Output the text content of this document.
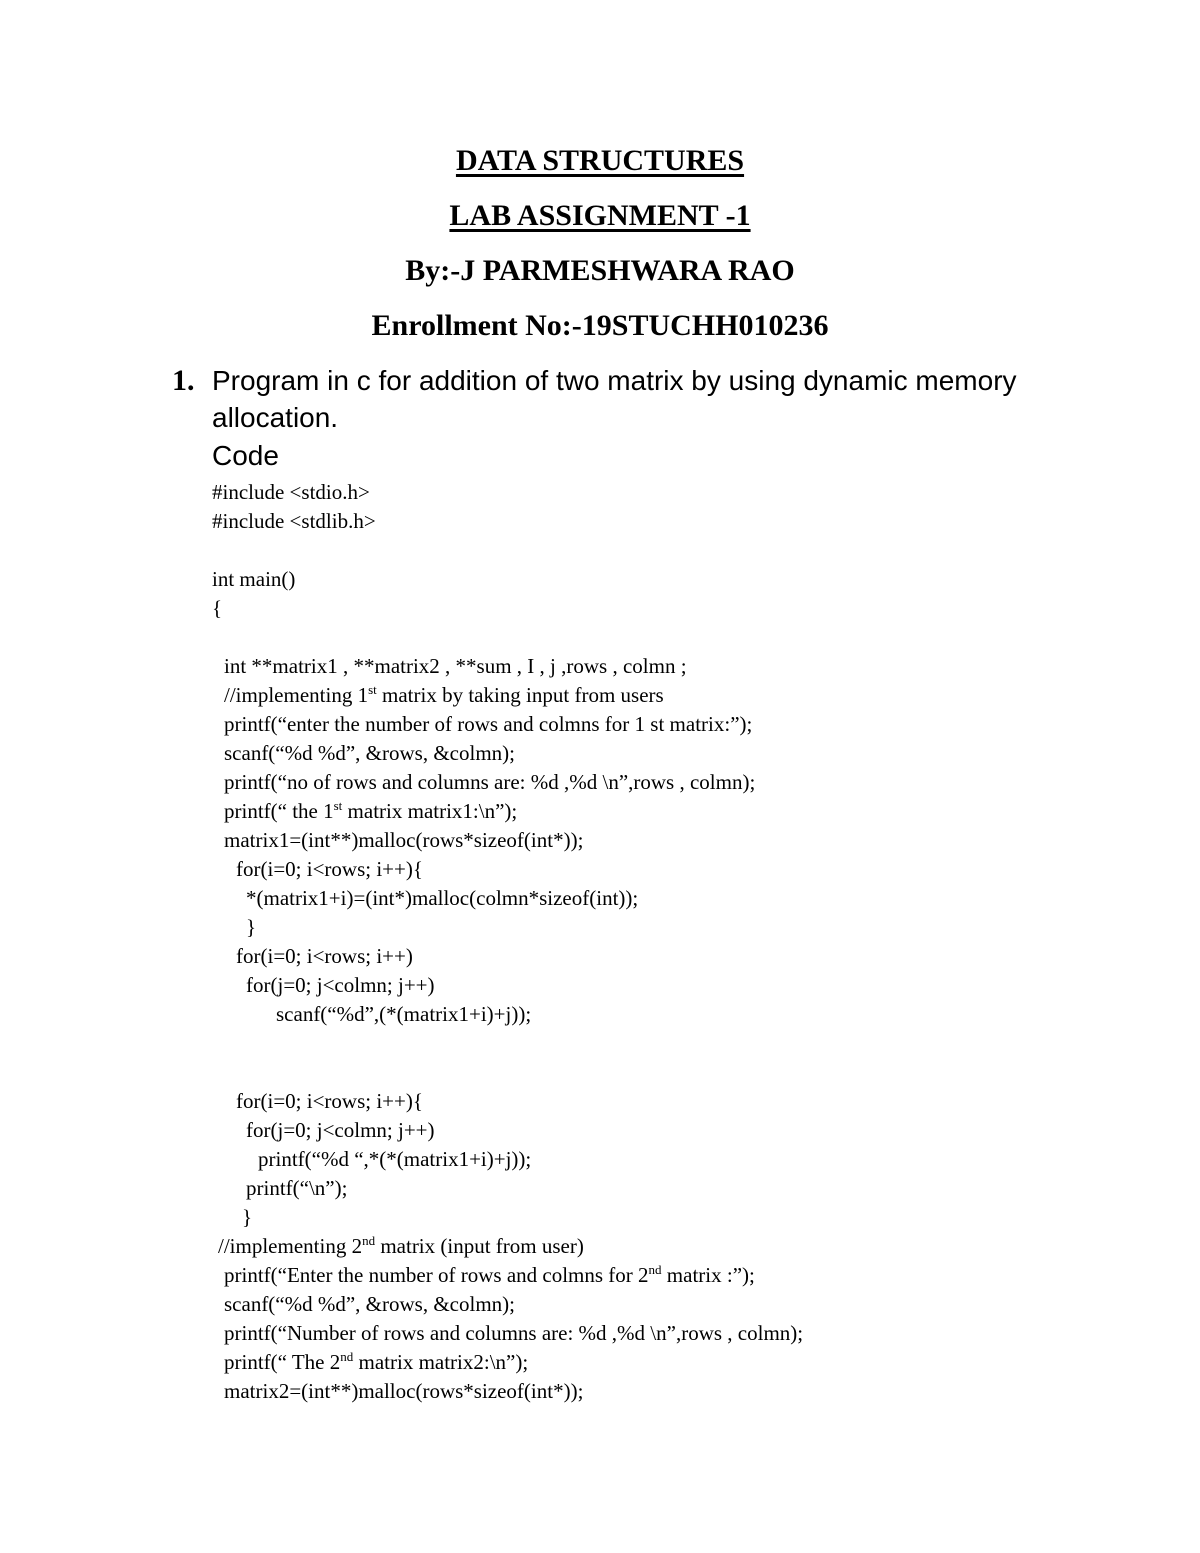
DATA STRUCTURES
LAB ASSIGNMENT -1
By:-J PARMESHWARA RAO
Enrollment No:-19STUCHH010236
1. Program in c for addition of two matrix by using dynamic memory allocation.
Code
#include <stdio.h>
#include <stdlib.h>
int main()
{
int **matrix1 , **matrix2 , **sum , I , j ,rows , colmn ;
//implementing 1st matrix by taking input from users
printf(“enter the number of rows and colmns for 1 st matrix:”);
scanf(“%d %d”, &rows, &colmn);
printf(“no of rows and columns are: %d ,%d \n”,rows , colmn);
printf(“ the 1st matrix matrix1:\n”);
matrix1=(int**)malloc(rows*sizeof(int*));
for(i=0; i<rows; i++){
*(matrix1+i)=(int*)malloc(colmn*sizeof(int));
}
for(i=0; i<rows; i++)
for(j=0; j<colmn; j++)
scanf(“%d”,(*(matrix1+i)+j));
for(i=0; i<rows; i++){
for(j=0; j<colmn; j++)
printf(“%d “,*(*(matrix1+i)+j));
printf(“\n”);
}
//implementing 2nd matrix (input from user)
printf(“Enter the number of rows and colmns for 2nd matrix :”);
scanf(“%d %d”, &rows, &colmn);
printf(“Number of rows and columns are: %d ,%d \n”,rows , colmn);
printf(“ The 2nd matrix matrix2:\n”);
matrix2=(int**)malloc(rows*sizeof(int*));
